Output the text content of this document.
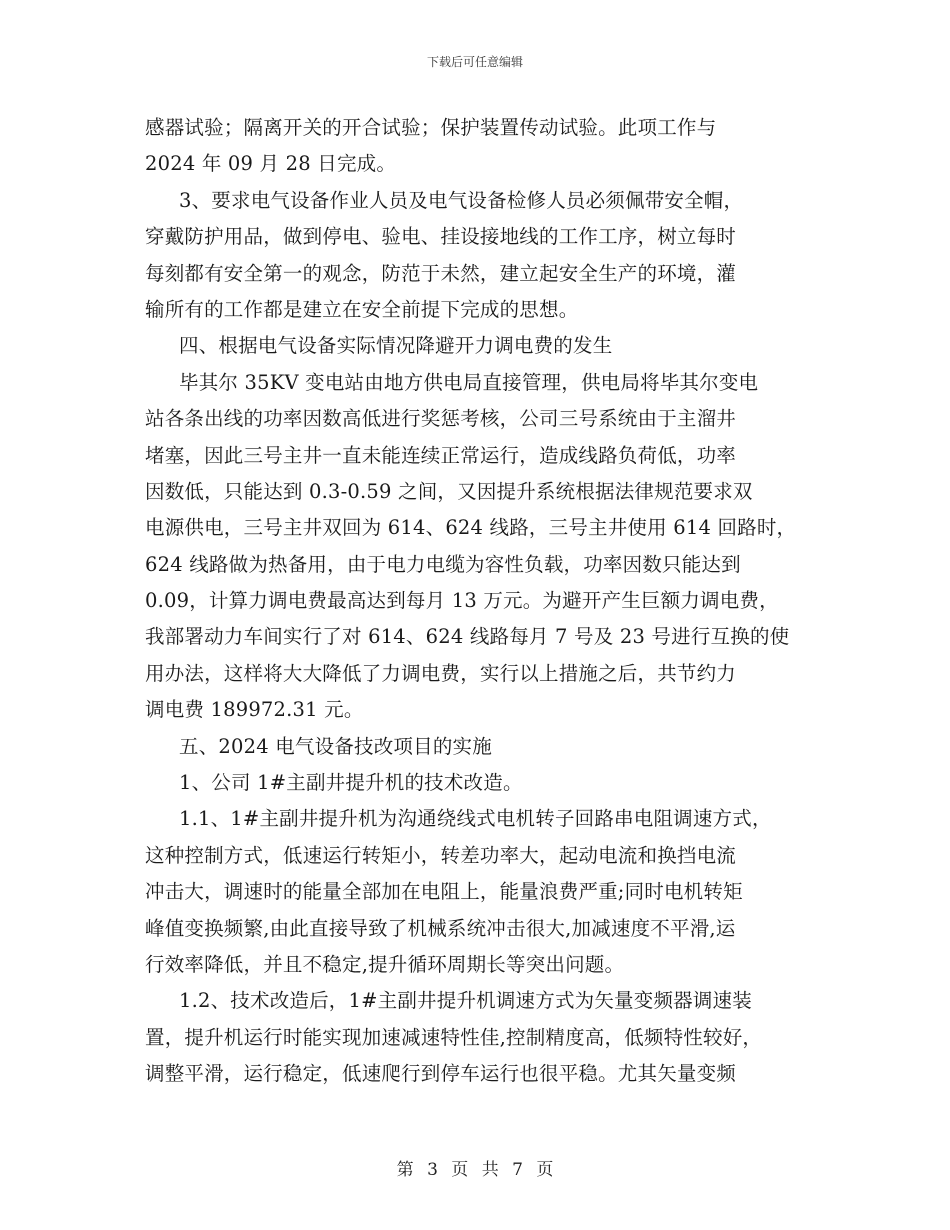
下载后可任意编辑
感器试验；隔离开关的开合试验；保护装置传动试验。此项工作与
2024 年 09 月 28 日完成。
3、要求电气设备作业人员及电气设备检修人员必须佩带安全帽，
穿戴防护用品，做到停电、验电、挂设接地线的工作工序，树立每时
每刻都有安全第一的观念，防范于未然，建立起安全生产的环境，灌
输所有的工作都是建立在安全前提下完成的思想。
四、根据电气设备实际情况降避开力调电费的发生
毕其尔 35KV 变电站由地方供电局直接管理，供电局将毕其尔变电
站各条出线的功率因数高低进行奖惩考核，公司三号系统由于主溜井
堵塞，因此三号主井一直未能连续正常运行，造成线路负荷低，功率
因数低，只能达到 0.3-0.59 之间，又因提升系统根据法律规范要求双
电源供电，三号主井双回为 614、624 线路，三号主井使用 614 回路时，
624 线路做为热备用，由于电力电缆为容性负载，功率因数只能达到
0.09，计算力调电费最高达到每月 13 万元。为避开产生巨额力调电费，
我部署动力车间实行了对 614、624 线路每月 7 号及 23 号进行互换的使
用办法，这样将大大降低了力调电费，实行以上措施之后，共节约力
调电费 189972.31 元。
五、2024 电气设备技改项目的实施
1、公司 1#主副井提升机的技术改造。
1.1、1#主副井提升机为沟通绕线式电机转子回路串电阻调速方式，
这种控制方式，低速运行转矩小，转差功率大，起动电流和换挡电流
冲击大，调速时的能量全部加在电阻上，能量浪费严重;同时电机转矩
峰值变换频繁,由此直接导致了机械系统冲击很大,加减速度不平滑,运
行效率降低，并且不稳定,提升循环周期长等突出问题。
1.2、技术改造后，1#主副井提升机调速方式为矢量变频器调速装
置，提升机运行时能实现加速减速特性佳,控制精度高，低频特性较好，
调整平滑，运行稳定，低速爬行到停车运行也很平稳。尤其矢量变频
第 3 页 共 7 页
